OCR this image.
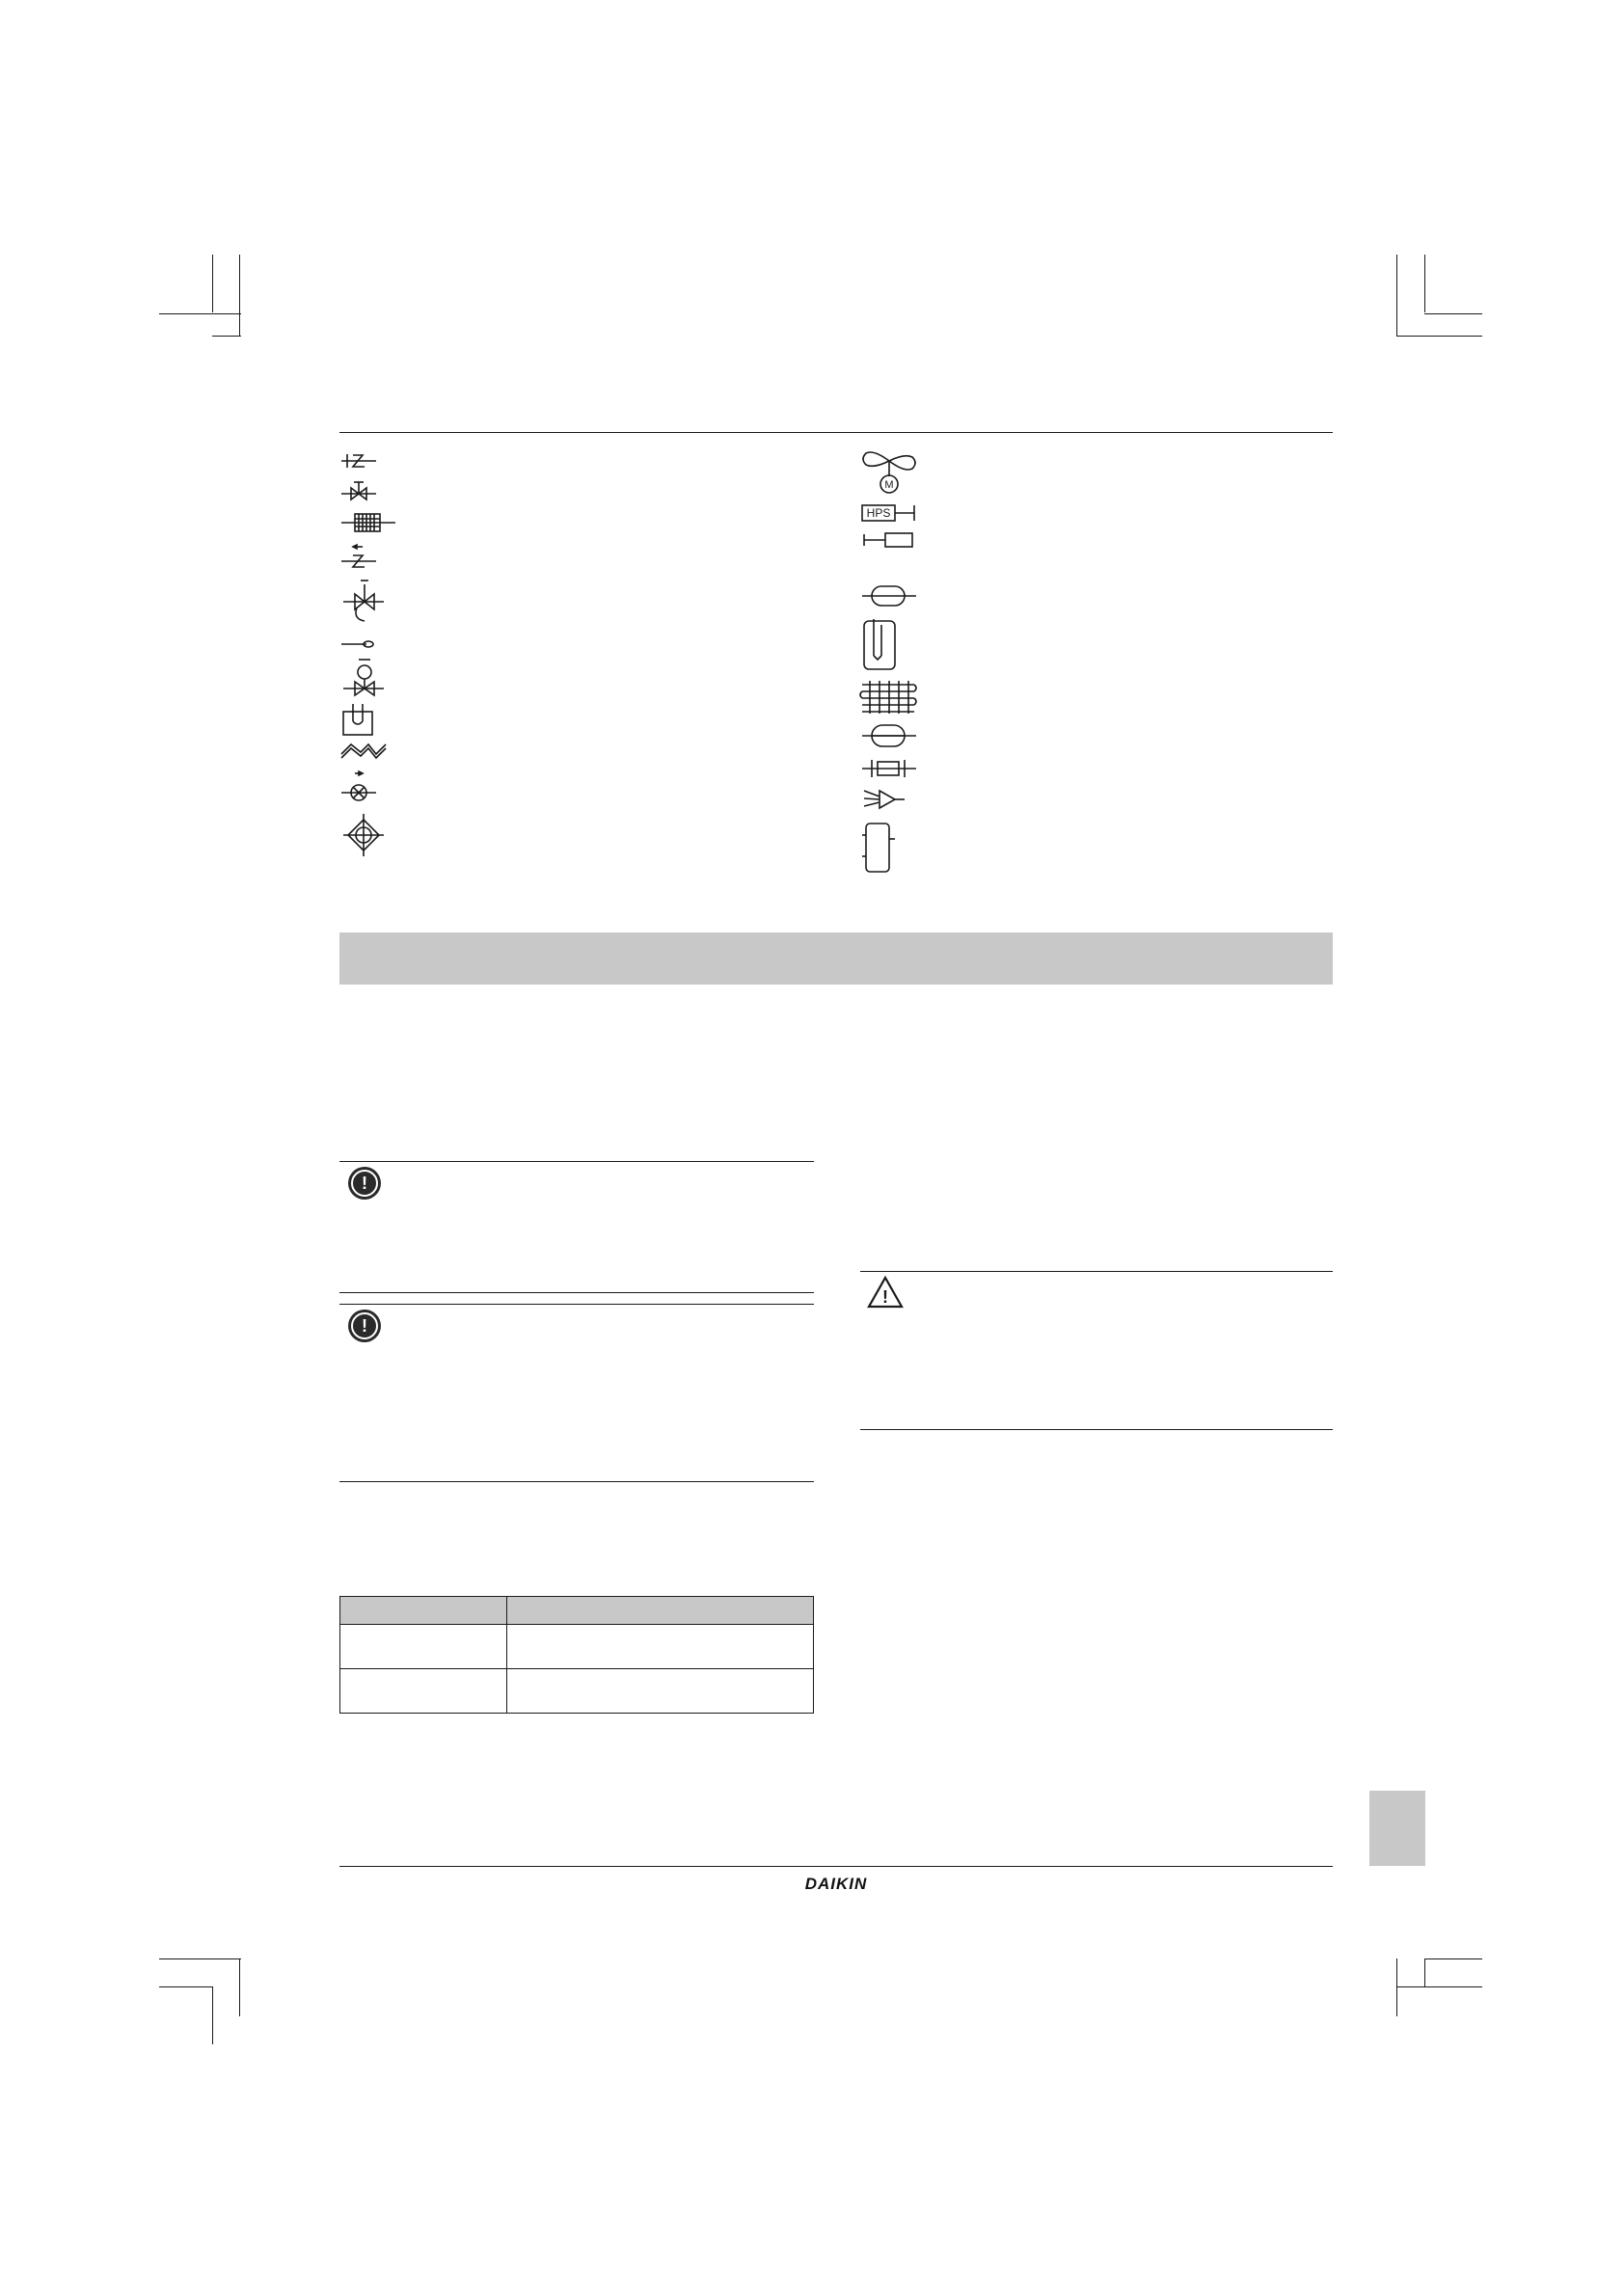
M
HPS
!
!
!

DAIKIN
